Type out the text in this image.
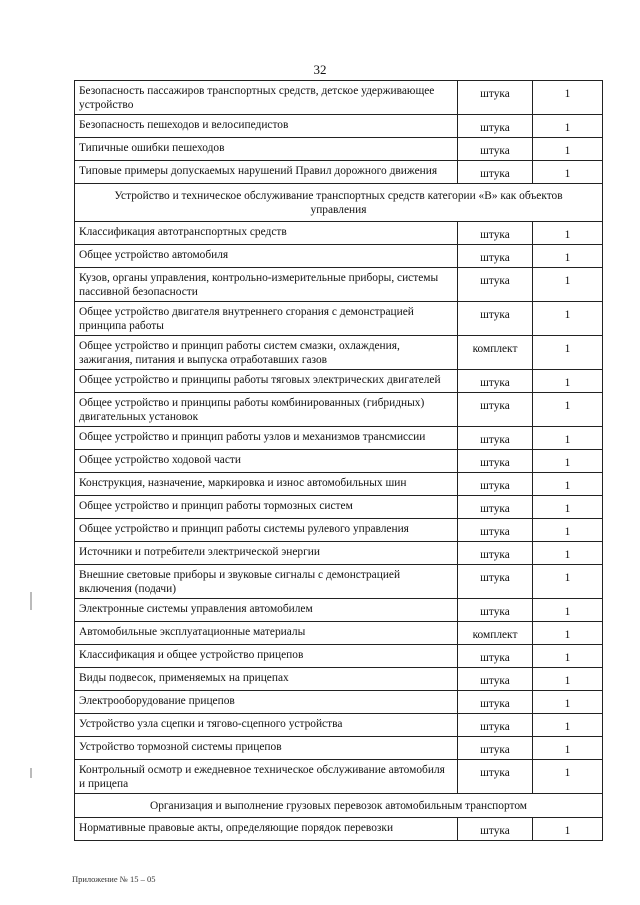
32
Безопасность пассажиров транспортных средств, детское удерживающее устройство	штука	1
Безопасность пешеходов и велосипедистов	штука	1
Типичные ошибки пешеходов	штука	1
Типовые примеры допускаемых нарушений Правил дорожного движения	штука	1
Устройство и техническое обслуживание транспортных средств категории «В» как объектов управления		
Классификация автотранспортных средств	штука	1
Общее устройство автомобиля	штука	1
Кузов, органы управления, контрольно-измерительные приборы, системы пассивной безопасности	штука	1
Общее устройство двигателя внутреннего сгорания с демонстрацией принципа работы	штука	1
Общее устройство и принцип работы систем смазки, охлаждения, зажигания, питания и выпуска отработавших газов	комплект	1
Общее устройство и принципы работы тяговых электрических двигателей	штука	1
Общее устройство и принципы работы комбинированных (гибридных) двигательных установок	штука	1
Общее устройство и принцип работы узлов и механизмов трансмиссии	штука	1
Общее устройство ходовой части	штука	1
Конструкция, назначение, маркировка и износ автомобильных шин	штука	1
Общее устройство и принцип работы тормозных систем	штука	1
Общее устройство и принцип работы системы рулевого управления	штука	1
Источники и потребители электрической энергии	штука	1
Внешние световые приборы и звуковые сигналы с демонстрацией включения (подачи)	штука	1
Электронные системы управления автомобилем	штука	1
Автомобильные эксплуатационные материалы	комплект	1
Классификация и общее устройство прицепов	штука	1
Виды подвесок, применяемых на прицепах	штука	1
Электрооборудование прицепов	штука	1
Устройство узла сцепки и тягово-сцепного устройства	штука	1
Устройство тормозной системы прицепов	штука	1
Контрольный осмотр и ежедневное техническое обслуживание автомобиля и прицепа	штука	1
Организация и выполнение грузовых перевозок автомобильным транспортом		
Нормативные правовые акты, определяющие порядок перевозки	штука	1
Приложение № 15 – 05
